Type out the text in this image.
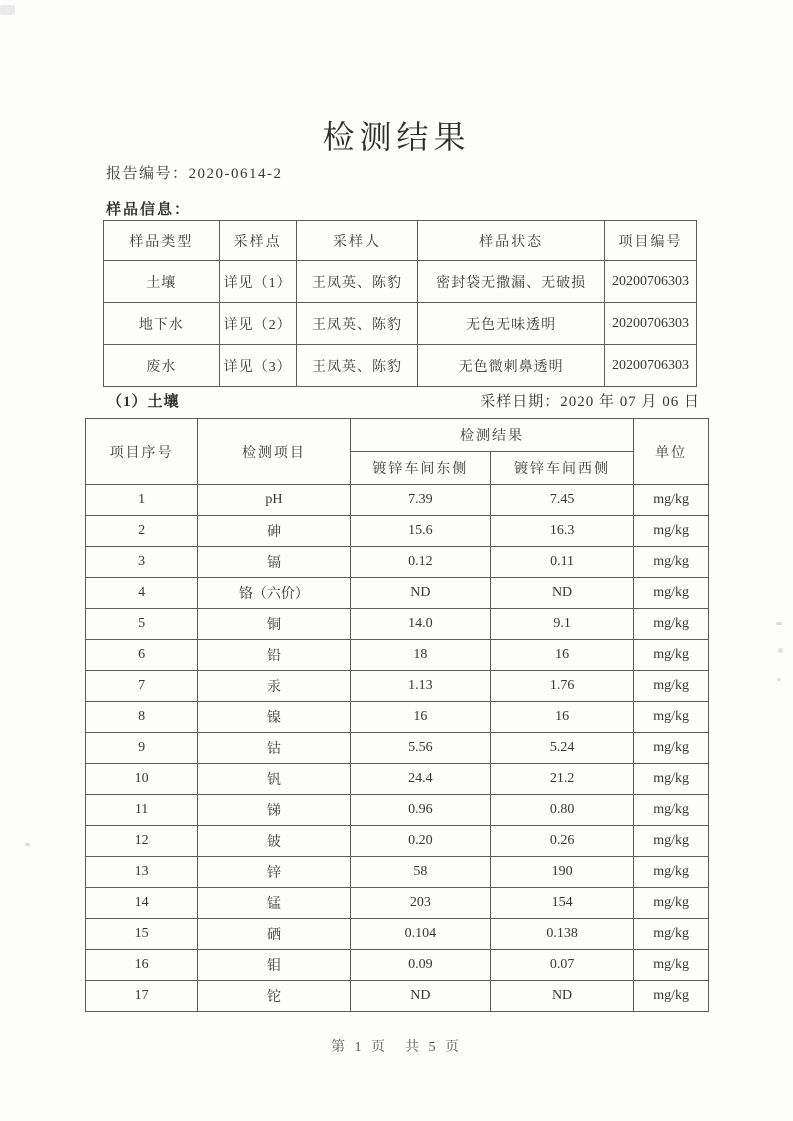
检测结果
报告编号：2020-0614-2
样品信息：
样品类型	采样点	采样人	样品状态	项目编号
土壤	详见（1）	王凤英、陈豹	密封袋无撒漏、无破损	20200706303
地下水	详见（2）	王凤英、陈豹	无色无味透明	20200706303
废水	详见（3）	王凤英、陈豹	无色微刺鼻透明	20200706303
（1）土壤	采样日期：2020 年 07 月 06 日
项目序号	检测项目	检测结果		单位
		镀锌车间东侧	镀锌车间西侧	
1	pH	7.39	7.45	mg/kg
2	砷	15.6	16.3	mg/kg
3	镉	0.12	0.11	mg/kg
4	铬（六价）	ND	ND	mg/kg
5	铜	14.0	9.1	mg/kg
6	铅	18	16	mg/kg
7	汞	1.13	1.76	mg/kg
8	镍	16	16	mg/kg
9	钴	5.56	5.24	mg/kg
10	钒	24.4	21.2	mg/kg
11	锑	0.96	0.80	mg/kg
12	铍	0.20	0.26	mg/kg
13	锌	58	190	mg/kg
14	锰	203	154	mg/kg
15	硒	0.104	0.138	mg/kg
16	钼	0.09	0.07	mg/kg
17	铊	ND	ND	mg/kg
第 1 页　共 5 页
